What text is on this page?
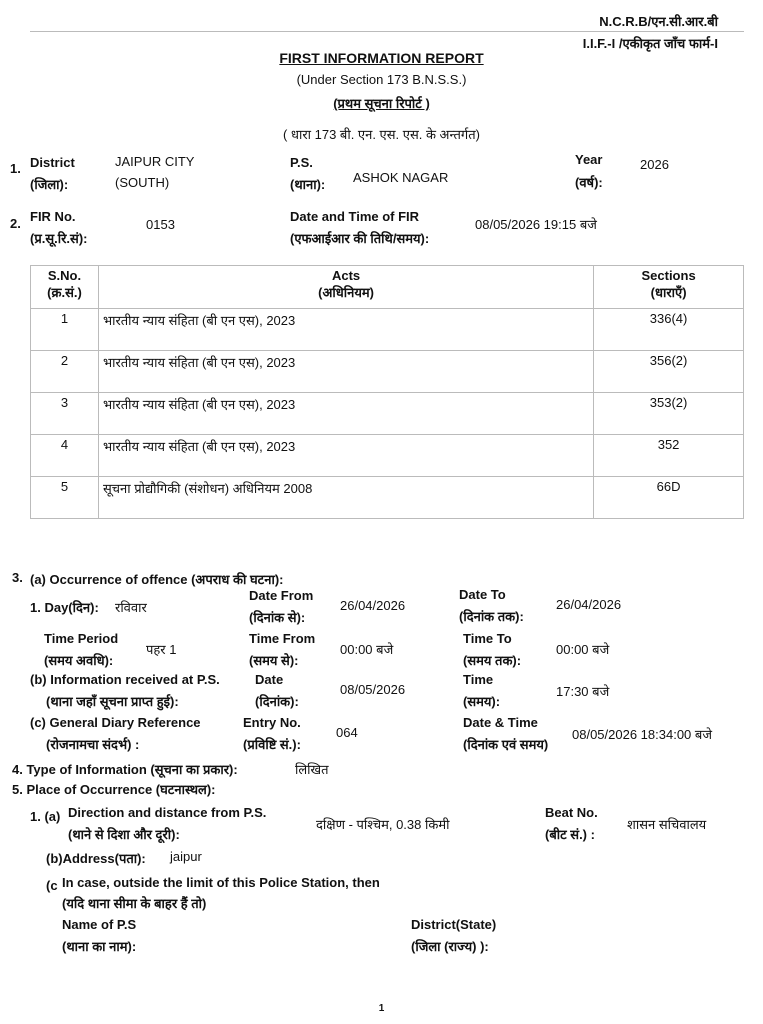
N.C.R.B/एन.सी.आर.बी
I.I.F.-I /एकीकृत जाँच फार्म-I
FIRST INFORMATION REPORT
(Under Section 173 B.N.S.S.)
(प्रथम सूचना रिपोर्ट )
( धारा 173 बी. एन. एस. एस. के अन्तर्गत)
1. District
(जिला):
JAIPUR CITY
(SOUTH)
P.S.
(थाना): ASHOK NAGAR
Year
(वर्ष):
2026
2. FIR No.
(प्र.सू.रि.सं):
0153
Date and Time of FIR
(एफआईआर की तिथि/समय):
08/05/2026 19:15 बजे
S.No.
(क्र.सं.)	Acts
(अधिनियम)	Sections
(धाराएँ)
1	भारतीय न्याय संहिता (बी एन एस), 2023	336(4)
2	भारतीय न्याय संहिता (बी एन एस), 2023	356(2)
3	भारतीय न्याय संहिता (बी एन एस), 2023	353(2)
4	भारतीय न्याय संहिता (बी एन एस), 2023	352
5	सूचना प्रोद्यौगिकी (संशोधन) अधिनियम 2008	66D
3. (a) Occurrence of offence (अपराध की घटना):
1. Day(दिन): रविवार
Date From
(दिनांक से):
26/04/2026
Date To
(दिनांक तक):
26/04/2026
Time Period
(समय अवधि):
पहर 1
Time From
(समय से):
00:00 बजे
Time To
(समय तक):
00:00 बजे
(b) Information received at P.S.
(थाना जहाँ सूचना प्राप्त हुई):
Date
(दिनांक):
08/05/2026
Time
(समय):
17:30 बजे
(c) General Diary Reference
(रोजनामचा संदर्भ) :
Entry No.
(प्रविष्टि सं.):
064
Date & Time
(दिनांक एवं समय)
08/05/2026 18:34:00 बजे
4. Type of Information (सूचना का प्रकार):	लिखित
5. Place of Occurrence (घटनास्थल):
1. (a) Direction and distance from P.S.
(थाने से दिशा और दूरी):
दक्षिण - पश्चिम, 0.38 किमी
Beat No.
(बीट सं.) :
शासन सचिवालय
(b)Address(पता): jaipur
(c In case, outside the limit of this Police Station, then
(यदि थाना सीमा के बाहर हैं तो)
Name of P.S
(थाना का नाम):
District(State)
(जिला (राज्य) ):
1
